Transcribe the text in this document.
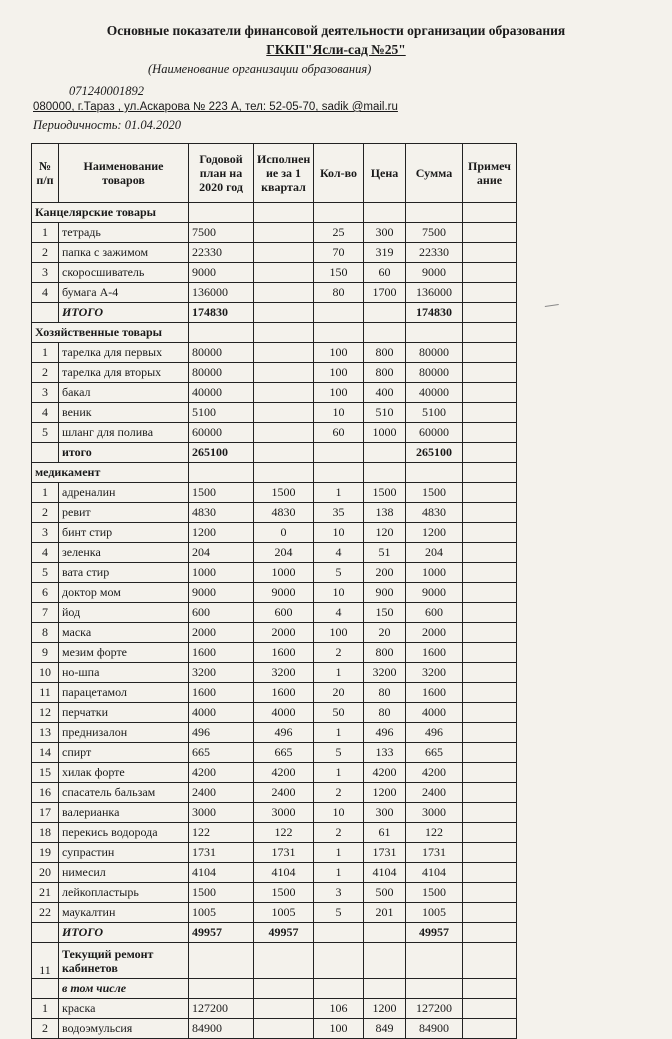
Основные показатели финансовой деятельности организации образования
ГККП"Ясли-сад №25"
(Наименование организации образования)
071240001892
080000, г.Тараз , ул.Аскарова № 223 А, тел: 52-05-70, sadik @mail.ru
Периодичность: 01.04.2020
№ п/п	Наименование товаров	Годовой план на 2020 год	Исполнен ие за 1 квартал	Кол-во	Цена	Сумма	Примеч ание
Канцелярские товары							
1	тетрадь	7500		25	300	7500	
2	папка с зажимом	22330		70	319	22330	
3	скоросшиватель	9000		150	60	9000	
4	бумага А-4	136000		80	1700	136000	
	ИТОГО	174830				174830	
Хозяйственные товары							
1	тарелка для первых	80000		100	800	80000	
2	тарелка для вторых	80000		100	800	80000	
3	бакал	40000		100	400	40000	
4	веник	5100		10	510	5100	
5	шланг для полива	60000		60	1000	60000	
	итого	265100				265100	
медикамент							
1	адреналин	1500	1500	1	1500	1500	
2	ревит	4830	4830	35	138	4830	
3	бинт стир	1200	0	10	120	1200	
4	зеленка	204	204	4	51	204	
5	вата стир	1000	1000	5	200	1000	
6	доктор мом	9000	9000	10	900	9000	
7	йод	600	600	4	150	600	
8	маска	2000	2000	100	20	2000	
9	мезим форте	1600	1600	2	800	1600	
10	но-шпа	3200	3200	1	3200	3200	
11	парацетамол	1600	1600	20	80	1600	
12	перчатки	4000	4000	50	80	4000	
13	преднизалон	496	496	1	496	496	
14	спирт	665	665	5	133	665	
15	хилак форте	4200	4200	1	4200	4200	
16	спасатель бальзам	2400	2400	2	1200	2400	
17	валерианка	3000	3000	10	300	3000	
18	перекись водорода	122	122	2	61	122	
19	супрастин	1731	1731	1	1731	1731	
20	нимесил	4104	4104	1	4104	4104	
21	лейкопластырь	1500	1500	3	500	1500	
22	маукалтин	1005	1005	5	201	1005	
	ИТОГО	49957	49957			49957	
11	Текущий ремонт кабинетов						
	в том числе						
1	краска	127200		106	1200	127200	
2	водоэмульсия	84900		100	849	84900	
